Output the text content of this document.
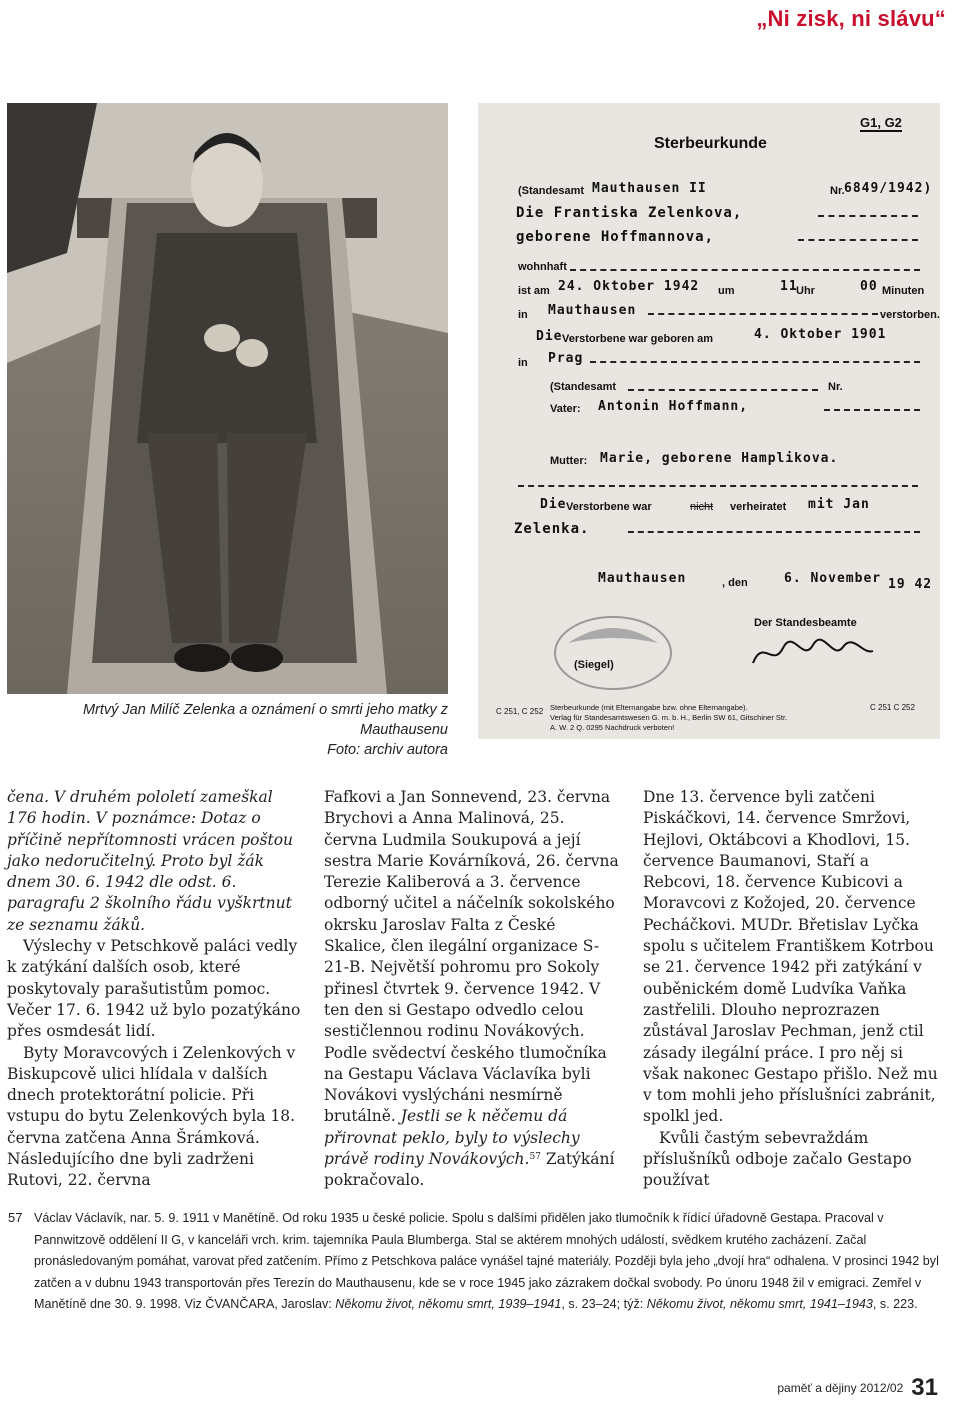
„Ni zisk, ni slávu“
G1, G2
Sterbeurkunde
(Standesamt Mauthausen II	Nr. 6849/1942)
Die Frantiska Zelenkova,
geborene Hoffmannova,
wohnhaft
ist am 24. Oktober 1942 um	11
Uhr	00 Minuten
in Mauthausen	verstorben.
Die Verstorbene war geboren am	4. Oktober 1901
in Prag
(Standesamt	Nr.
Vater: Antonin Hoffmann,
Mutter: Marie, geborene Hamplikova.
Die Verstorbene war	nicht verheiratet mit Jan
Zelenka.
Mauthausen	, den	6. November 19 42
Der Standesbeamte
(Siegel)
C 251, C 252 Sterbeurkunde (mit Elternangabe bzw. ohne Elternangabe).
Verlag für Standesamtswesen G. m. b. H., Berlin SW 61, Gitschiner Str.
A. W. 2 Q. 0295 Nachdruck verboten!
C 251 C 252
Mrtvý Jan Milíč Zelenka a oznámení o smrti jeho matky z Mauthausenu
Foto: archiv autora

čena. V druhém pololetí zameškal 176 hodin. V poznámce: Dotaz o příčině nepřítomnosti vrácen poštou jako nedoručitelný. Proto byl žák dnem 30. 6. 1942 dle odst. 6. paragrafu 2 školního řádu vyškrtnut ze seznamu žáků.

Výslechy v Petschkově paláci vedly k zatýkání dalších osob, které poskytovaly parašutistům pomoc. Večer 17. 6. 1942 už bylo pozatýkáno přes osmdesát lidí.

Byty Moravcových i Zelenkových v Biskupcově ulici hlídala v dalších dnech protektorátní policie. Při vstupu do bytu Zelenkových byla 18. června zatčena Anna Šrámková. Následujícího dne byli zadrženi Rutovi, 22. června

Fafkovi a Jan Sonnevend, 23. června Brychovi a Anna Malinová, 25. června Ludmila Soukupová a její sestra Marie Kovárníková, 26. června Terezie Kaliberová a 3. července odborný učitel a náčelník sokolského okrsku Jaroslav Falta z České Skalice, člen ilegální organizace S-21-B. Největší pohromu pro Sokoly přinesl čtvrtek 9. července 1942. V ten den si Gestapo odvedlo celou sestičlennou rodinu Novákových. Podle svědectví českého tlumočníka na Gestapu Václava Václavíka byli Novákovi vyslýcháni nesmírně brutálně. Jestli se k něčemu dá přirovnat peklo, byly to výslechy právě rodiny Novákových.$^{57}$ Zatýkání pokračovalo.

Dne 13. července byli zatčeni Piskáčkovi, 14. července Smržovi, Hejlovi, Oktábcovi a Khodlovi, 15. července Baumanovi, Staří a Rebcovi, 18. července Kubicovi a Moravcovi z Kožojed, 20. července Pecháčkovi. MUDr. Břetislav Lyčka spolu s učitelem Františkem Kotrbou se 21. července 1942 při zatýkání v ouběnickém domě Ludvíka Vaňka zastřelili. Dlouho neprozrazen zůstával Jaroslav Pechman, jenž ctil zásady ilegální práce. I pro něj si však nakonec Gestapo přišlo. Než mu v tom mohli jeho příslušníci zabránit, spolkl jed.

Kvůli častým sebevraždám příslušníků odboje začalo Gestapo používat

57 Václav Václavík, nar. 5. 9. 1911 v Manětíně. Od roku 1935 u české policie. Spolu s dalšími přidělen jako tlumočník k řídící úřadovně Gestapa. Pracoval v Pannwitzově oddělení II G, v kanceláři vrch. krim. tajemníka Paula Blumberga. Stal se aktérem mnohých událostí, svědkem krutého zacházení. Začal pronásledovaným pomáhat, varovat před zatčením. Přímo z Petschkova paláce vynášel tajné materiály. Později byla jeho „dvojí hra“ odhalena. V prosinci 1942 byl zatčen a v dubnu 1943 transportován přes Terezín do Mauthausenu, kde se v roce 1945 jako zázrakem dočkal svobody. Po únoru 1948 žil v emigraci. Zemřel v Manětíně dne 30. 9. 1998. Viz ČVANČARA, Jaroslav: Někomu život, někomu smrt, 1939–1941, s. 23–24; týž: Někomu život, někomu smrt, 1941–1943, s. 223.
paměť a dějiny 2012/02 31
